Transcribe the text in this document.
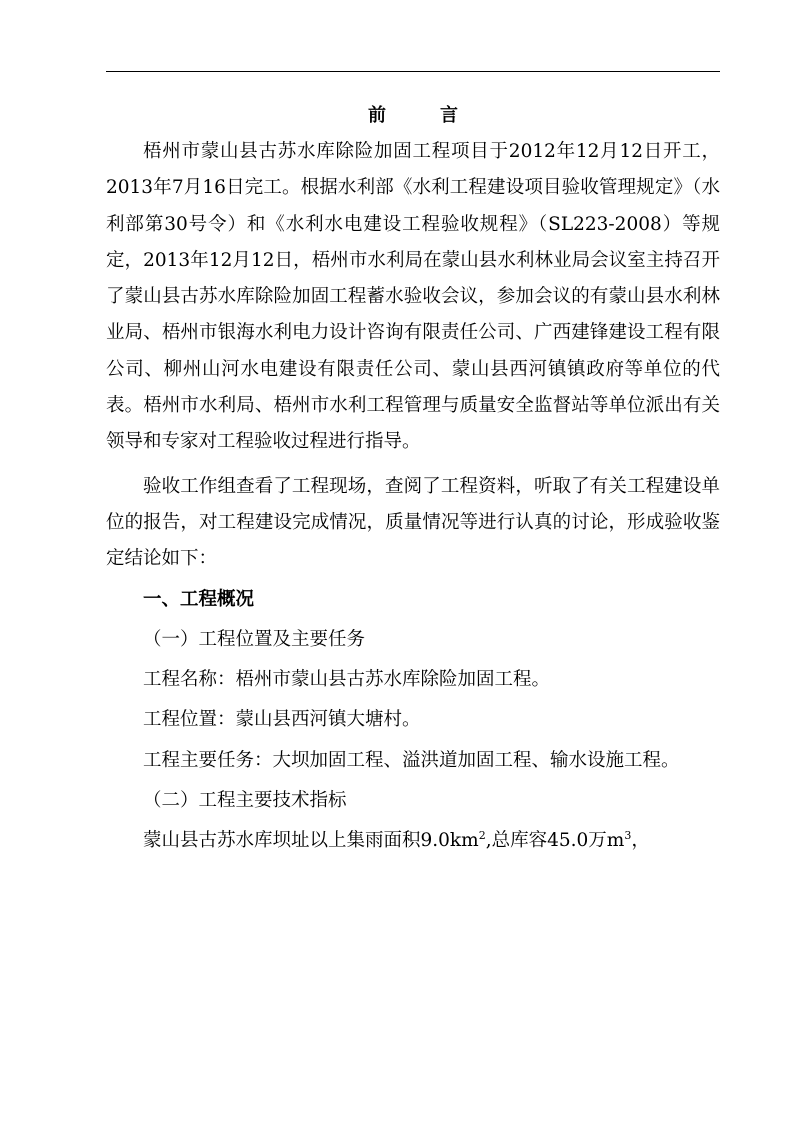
前	言

梧州市蒙山县古苏水库除险加固工程项目于2012年12月12日开工，2013年7月16日完工。根据水利部《水利工程建设项目验收管理规定》（水利部第30号令）和《水利水电建设工程验收规程》（SL223-2008）等规定，2013年12月12日，梧州市水利局在蒙山县水利林业局会议室主持召开了蒙山县古苏水库除险加固工程蓄水验收会议，参加会议的有蒙山县水利林业局、梧州市银海水利电力设计咨询有限责任公司、广西建锋建设工程有限公司、柳州山河水电建设有限责任公司、蒙山县西河镇镇政府等单位的代表。梧州市水利局、梧州市水利工程管理与质量安全监督站等单位派出有关领导和专家对工程验收过程进行指导。

验收工作组查看了工程现场，查阅了工程资料，听取了有关工程建设单位的报告，对工程建设完成情况，质量情况等进行认真的讨论，形成验收鉴定结论如下：

一、工程概况

（一）工程位置及主要任务

工程名称：梧州市蒙山县古苏水库除险加固工程。

工程位置：蒙山县西河镇大塘村。

工程主要任务：大坝加固工程、溢洪道加固工程、输水设施工程。

（二）工程主要技术指标

蒙山县古苏水库坝址以上集雨面积$9.0km^2$,总库容45.0万$m^3$，
